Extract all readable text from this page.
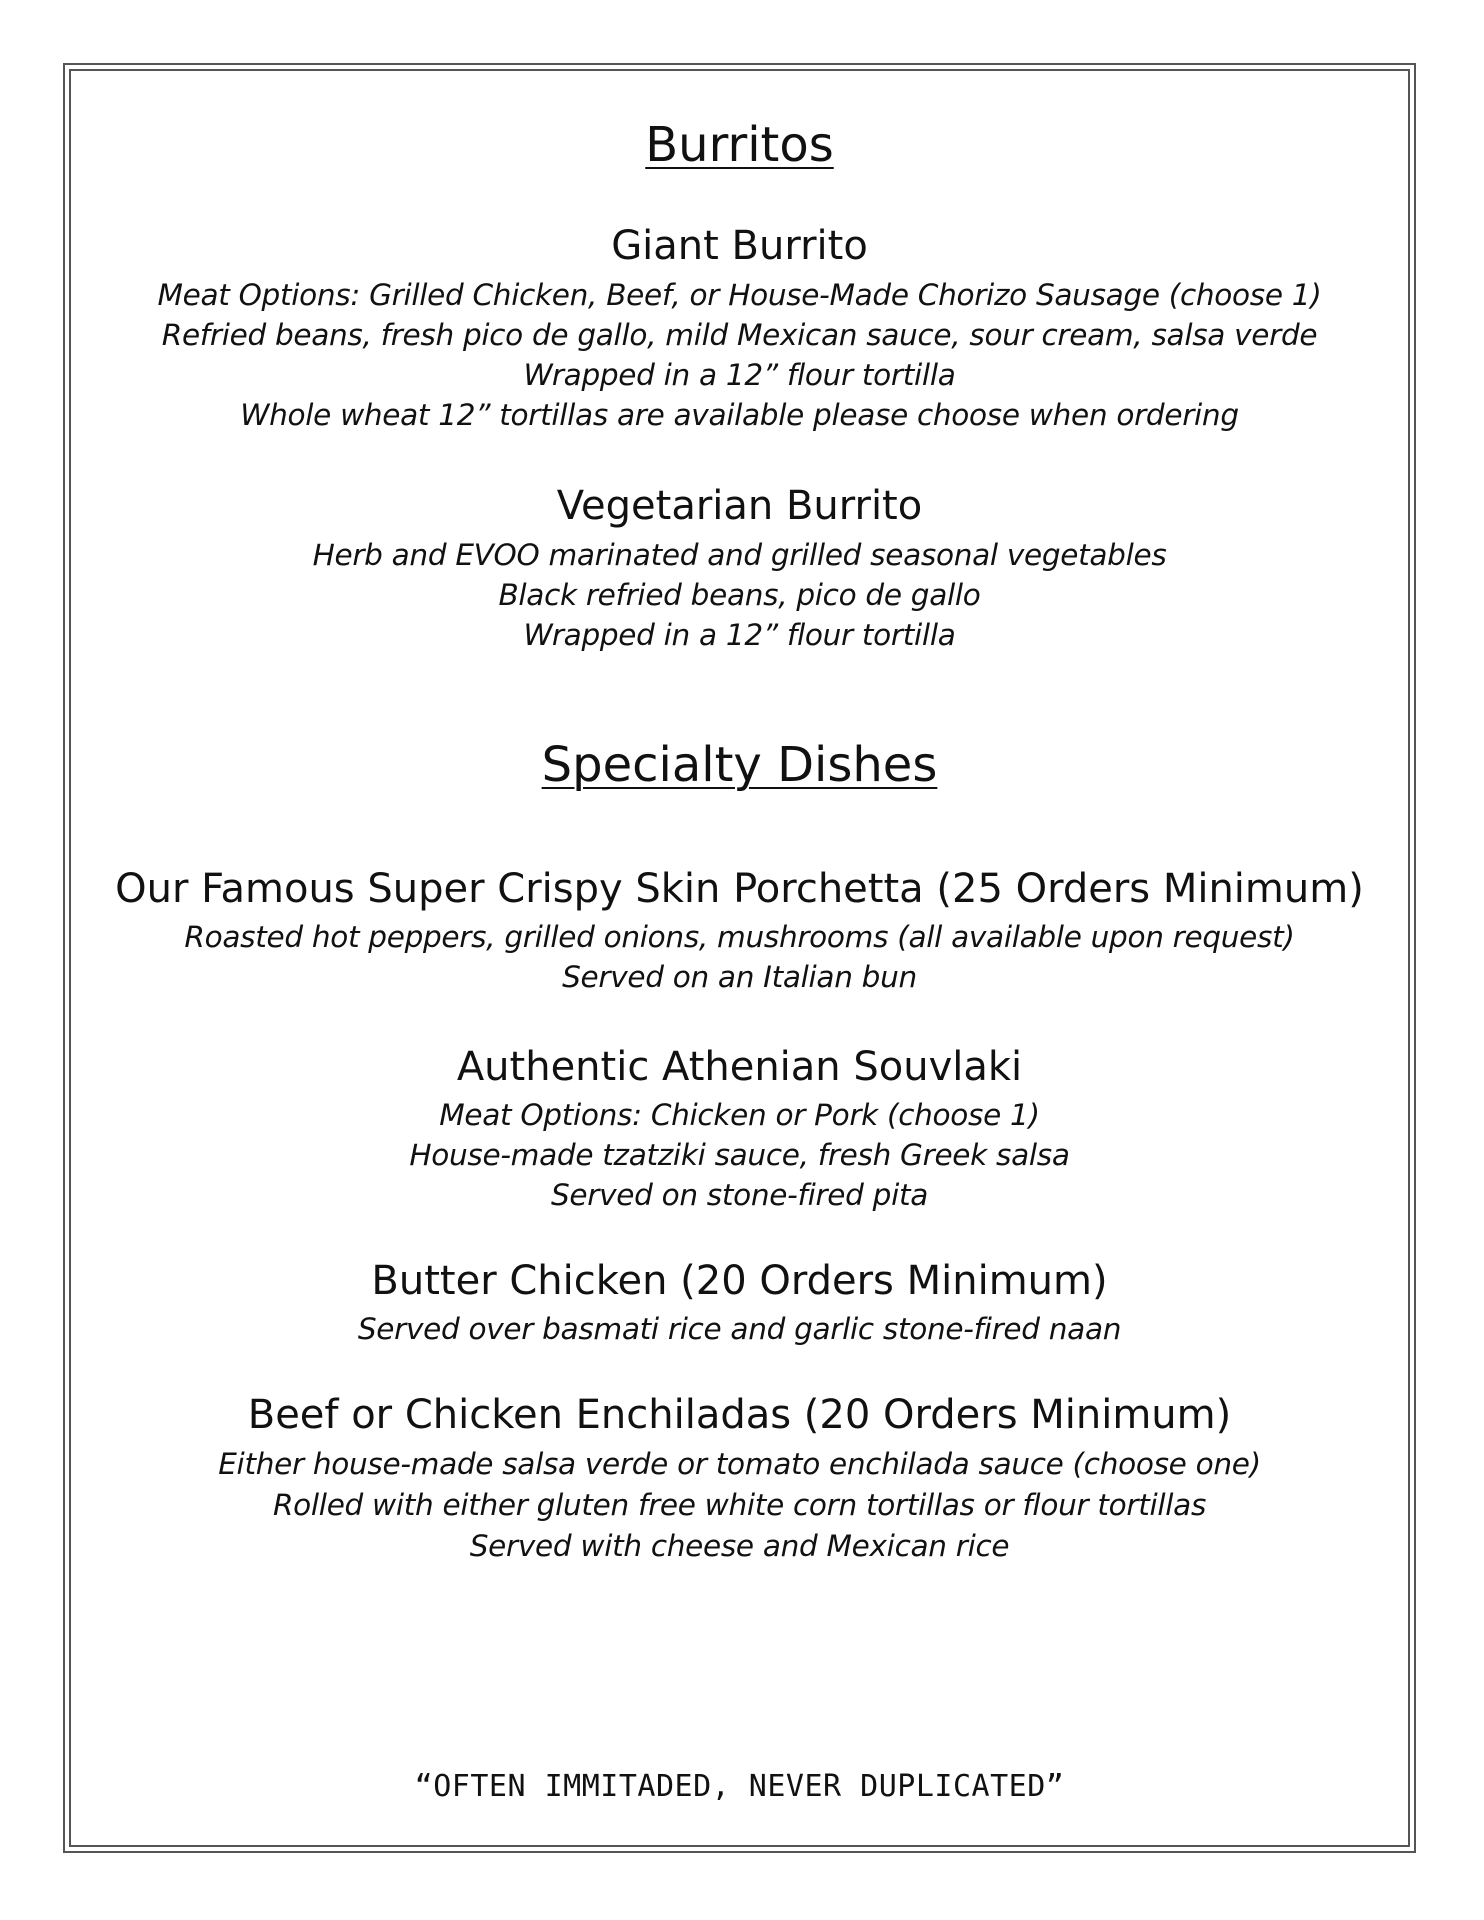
Burritos
Giant Burrito
Meat Options: Grilled Chicken, Beef, or House-Made Chorizo Sausage (choose 1)
Refried beans, fresh pico de gallo, mild Mexican sauce, sour cream, salsa verde
Wrapped in a 12” flour tortilla
Whole wheat 12” tortillas are available please choose when ordering
Vegetarian Burrito
Herb and EVOO marinated and grilled seasonal vegetables
Black refried beans, pico de gallo
Wrapped in a 12” flour tortilla
Specialty Dishes
Our Famous Super Crispy Skin Porchetta (25 Orders Minimum)
Roasted hot peppers, grilled onions, mushrooms (all available upon request)
Served on an Italian bun
Authentic Athenian Souvlaki
Meat Options: Chicken or Pork (choose 1)
House-made tzatziki sauce, fresh Greek salsa
Served on stone-fired pita
Butter Chicken (20 Orders Minimum)
Served over basmati rice and garlic stone-fired naan
Beef or Chicken Enchiladas (20 Orders Minimum)
Either house-made salsa verde or tomato enchilada sauce (choose one)
Rolled with either gluten free white corn tortillas or flour tortillas
Served with cheese and Mexican rice
“OFTEN IMMITADED, NEVER DUPLICATED”
